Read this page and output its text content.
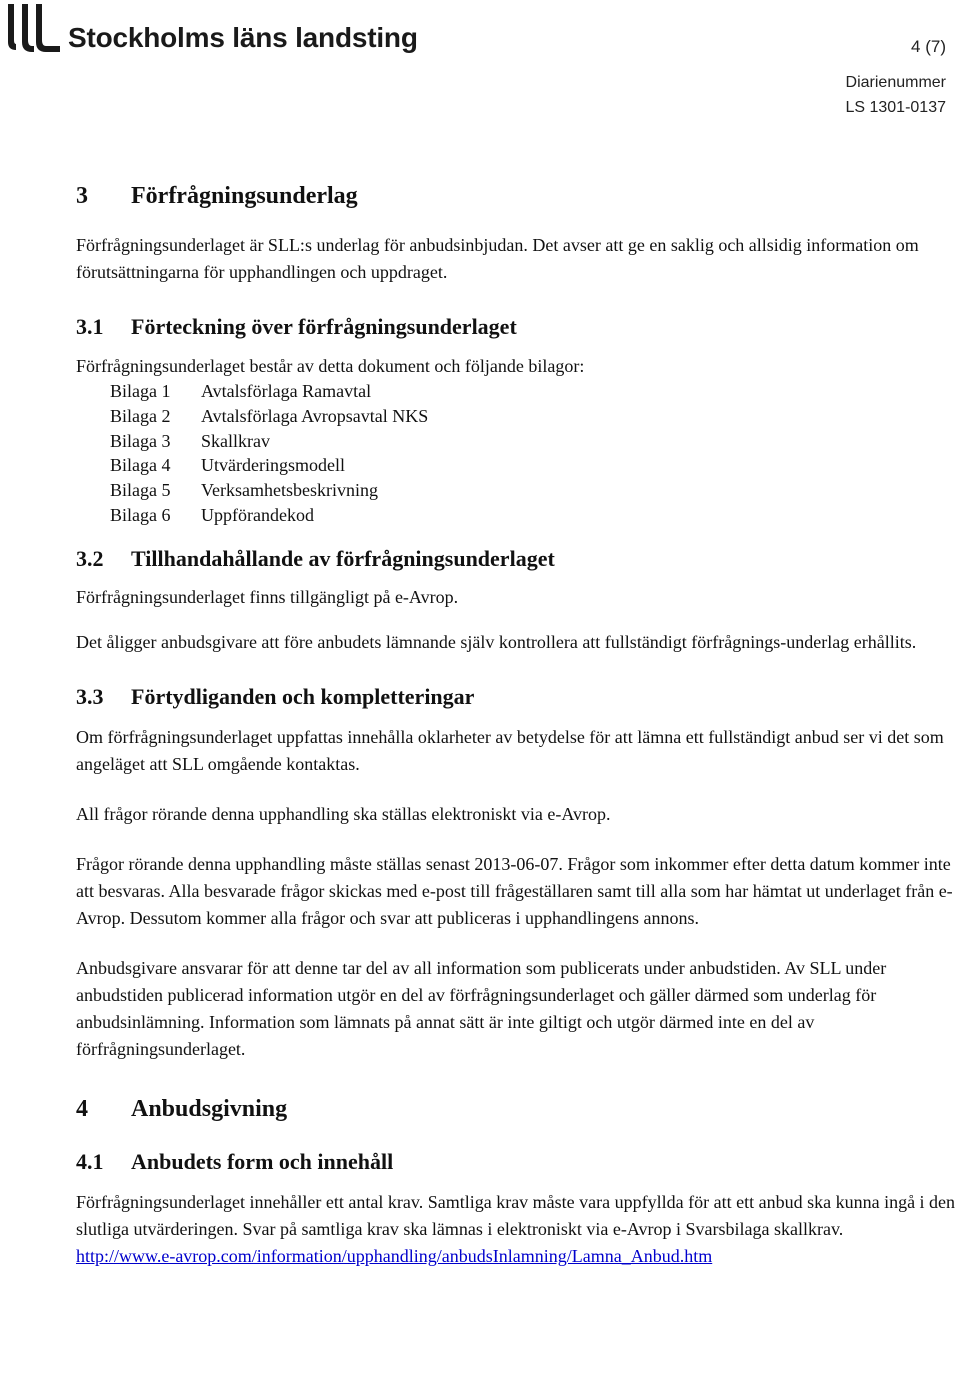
Stockholms läns landsting	4 (7)
Diarienummer
LS 1301-0137
3 Förfrågningsunderlag

Förfrågningsunderlaget är SLL:s underlag för anbudsinbjudan. Det avser att ge en saklig och allsidig information om förutsättningarna för upphandlingen och uppdraget.

3.1 Förteckning över förfrågningsunderlaget

Förfrågningsunderlaget består av detta dokument och följande bilagor:

Bilaga 1	Avtalsförlaga Ramavtal
Bilaga 2	Avtalsförlaga Avropsavtal NKS
Bilaga 3	Skallkrav
Bilaga 4	Utvärderingsmodell
Bilaga 5	Verksamhetsbeskrivning
Bilaga 6	Uppförandekod
3.2 Tillhandahållande av förfrågningsunderlaget

Förfrågningsunderlaget finns tillgängligt på e-Avrop.

Det åligger anbudsgivare att före anbudets lämnande själv kontrollera att fullständigt förfrågnings-underlag erhållits.

3.3 Förtydliganden och kompletteringar

Om förfrågningsunderlaget uppfattas innehålla oklarheter av betydelse för att lämna ett fullständigt anbud ser vi det som angeläget att SLL omgående kontaktas.

All frågor rörande denna upphandling ska ställas elektroniskt via e-Avrop.

Frågor rörande denna upphandling måste ställas senast 2013-06-07. Frågor som inkommer efter detta datum kommer inte att besvaras. Alla besvarade frågor skickas med e-post till frågeställaren samt till alla som har hämtat ut underlaget från e-Avrop. Dessutom kommer alla frågor och svar att publiceras i upphandlingens annons.

Anbudsgivare ansvarar för att denne tar del av all information som publicerats under anbudstiden. Av SLL under anbudstiden publicerad information utgör en del av förfrågningsunderlaget och gäller därmed som underlag för anbudsinlämning. Information som lämnats på annat sätt är inte giltigt och utgör därmed inte en del av förfrågningsunderlaget.

4 Anbudsgivning
4.1 Anbudets form och innehåll

Förfrågningsunderlaget innehåller ett antal krav. Samtliga krav måste vara uppfyllda för att ett anbud ska kunna ingå i den slutliga utvärderingen. Svar på samtliga krav ska lämnas i elektroniskt via e-Avrop i Svarsbilaga skallkrav.

http://www.e-avrop.com/information/upphandling/anbudsInlamning/Lamna_Anbud.htm
